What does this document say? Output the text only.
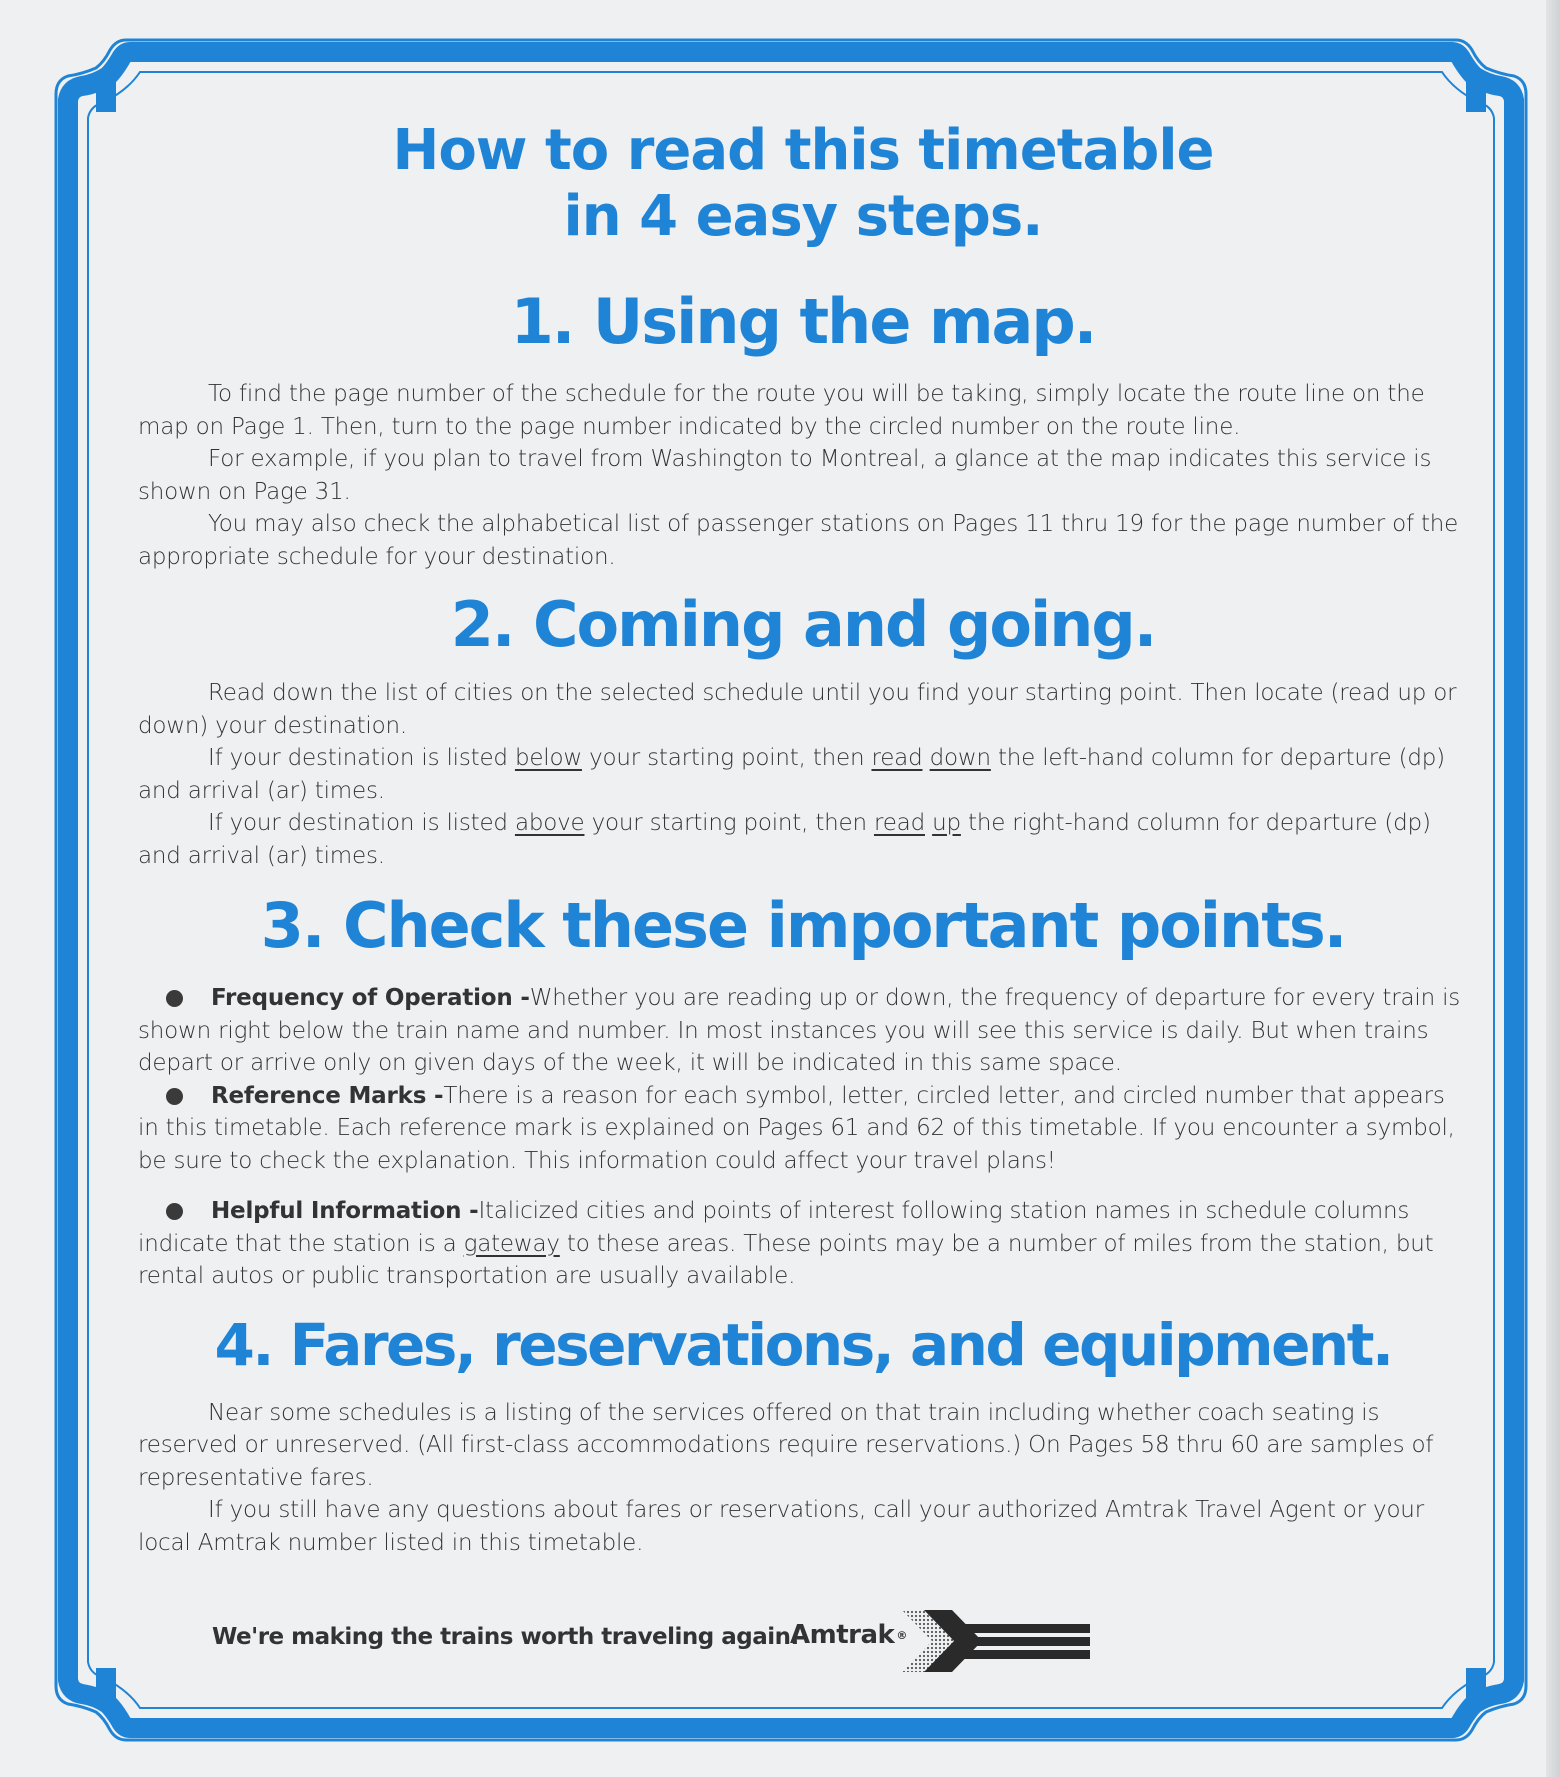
How to read this timetable
in 4 easy steps.
1. Using the map.

To find the page number of the schedule for the route you will be taking, simply locate the route line on the map on Page 1. Then, turn to the page number indicated by the circled number on the route line.

For example, if you plan to travel from Washington to Montreal, a glance at the map indicates this service is shown on Page 31.

You may also check the alphabetical list of passenger stations on Pages 11 thru 19 for the page number of the appropriate schedule for your destination.

2. Coming and going.

Read down the list of cities on the selected schedule until you find your starting point. Then locate (read up or down) your destination.

If your destination is listed below your starting point, then read down the left-hand column for departure (dp) and arrival (ar) times.

If your destination is listed above your starting point, then read up the right-hand column for departure (dp) and arrival (ar) times.

3. Check these important points.

Frequency of Operation -Whether you are reading up or down, the frequency of departure for every train is shown right below the train name and number. In most instances you will see this service is daily. But when trains depart or arrive only on given days of the week, it will be indicated in this same space.

Reference Marks -There is a reason for each symbol, letter, circled letter, and circled number that appears in this timetable. Each reference mark is explained on Pages 61 and 62 of this timetable. If you encounter a symbol, be sure to check the explanation. This information could affect your travel plans!

Helpful Information -Italicized cities and points of interest following station names in schedule columns indicate that the station is a gateway to these areas. These points may be a number of miles from the station, but rental autos or public transportation are usually available.

4. Fares, reservations, and equipment.

Near some schedules is a listing of the services offered on that train including whether coach seating is reserved or unreserved. (All first-class accommodations require reservations.) On Pages 58 thru 60 are samples of representative fares.

If you still have any questions about fares or reservations, call your authorized Amtrak Travel Agent or your local Amtrak number listed in this timetable.

We're making the trains worth traveling again.
Amtrak ®
